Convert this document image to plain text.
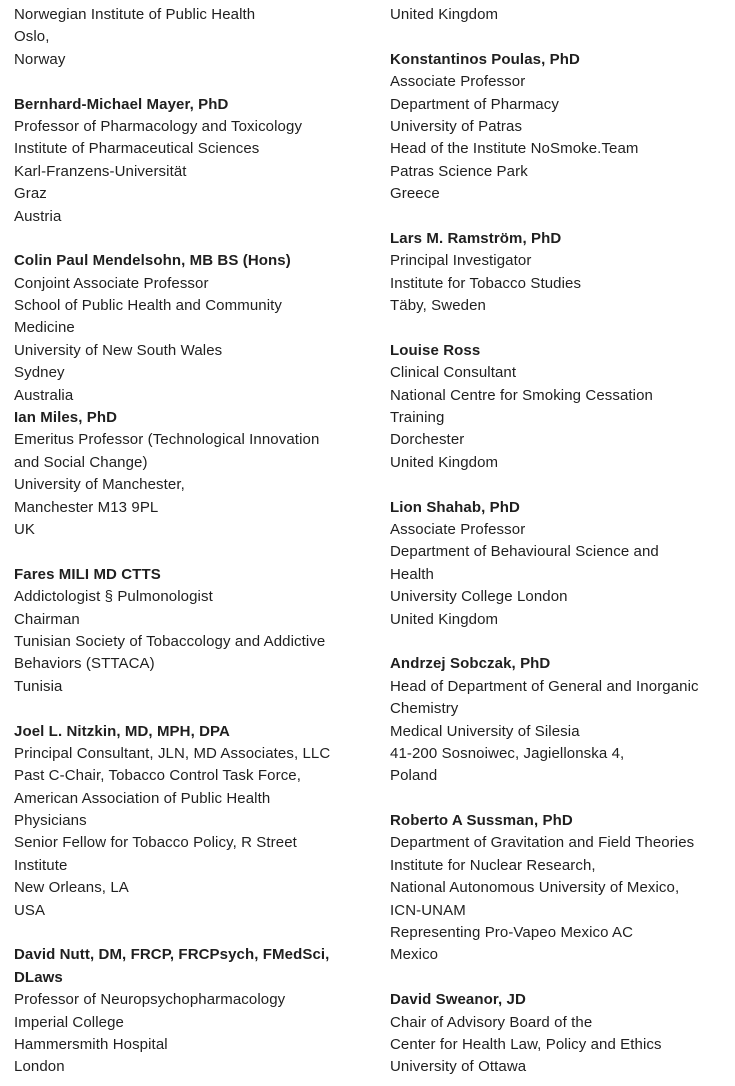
Norwegian Institute of Public Health
Oslo,
Norway
Bernhard-Michael Mayer, PhD
Professor of Pharmacology and Toxicology
Institute of Pharmaceutical Sciences
Karl-Franzens-Universität
Graz
Austria
Colin Paul Mendelsohn, MB BS (Hons)
Conjoint Associate Professor
School of Public Health and Community
Medicine
University of New South Wales
Sydney
Australia
Ian Miles, PhD
Emeritus Professor (Technological Innovation
and Social Change)
University of Manchester,
Manchester M13 9PL
UK
Fares MILI MD CTTS
Addictologist § Pulmonologist
Chairman
Tunisian Society of Tobaccology and Addictive
Behaviors (STTACA)
Tunisia
Joel L. Nitzkin, MD, MPH, DPA
Principal Consultant, JLN, MD Associates, LLC
Past C-Chair, Tobacco Control Task Force,
American Association of Public Health
Physicians
Senior Fellow for Tobacco Policy, R Street
Institute
New Orleans, LA
USA
David Nutt, DM, FRCP, FRCPsych, FMedSci,
DLaws
Professor of Neuropsychopharmacology
Imperial College
Hammersmith Hospital
London
United Kingdom
Konstantinos Poulas, PhD
Associate Professor
Department of Pharmacy
University of Patras
Head of the Institute NoSmoke.Team
Patras Science Park
Greece
Lars M. Ramström, PhD
Principal Investigator
Institute for Tobacco Studies
Täby, Sweden
Louise Ross
Clinical Consultant
National Centre for Smoking Cessation
Training
Dorchester
United Kingdom
Lion Shahab, PhD
Associate Professor
Department of Behavioural Science and
Health
University College London
United Kingdom
Andrzej Sobczak, PhD
Head of Department of General and Inorganic
Chemistry
Medical University of Silesia
41-200 Sosnoiwec, Jagiellonska 4,
Poland
Roberto A Sussman, PhD
Department of Gravitation and Field Theories
Institute for Nuclear Research,
National Autonomous University of Mexico,
ICN-UNAM
Representing Pro-Vapeo Mexico AC
Mexico
David Sweanor, JD
Chair of Advisory Board of the
Center for Health Law, Policy and Ethics
University of Ottawa
